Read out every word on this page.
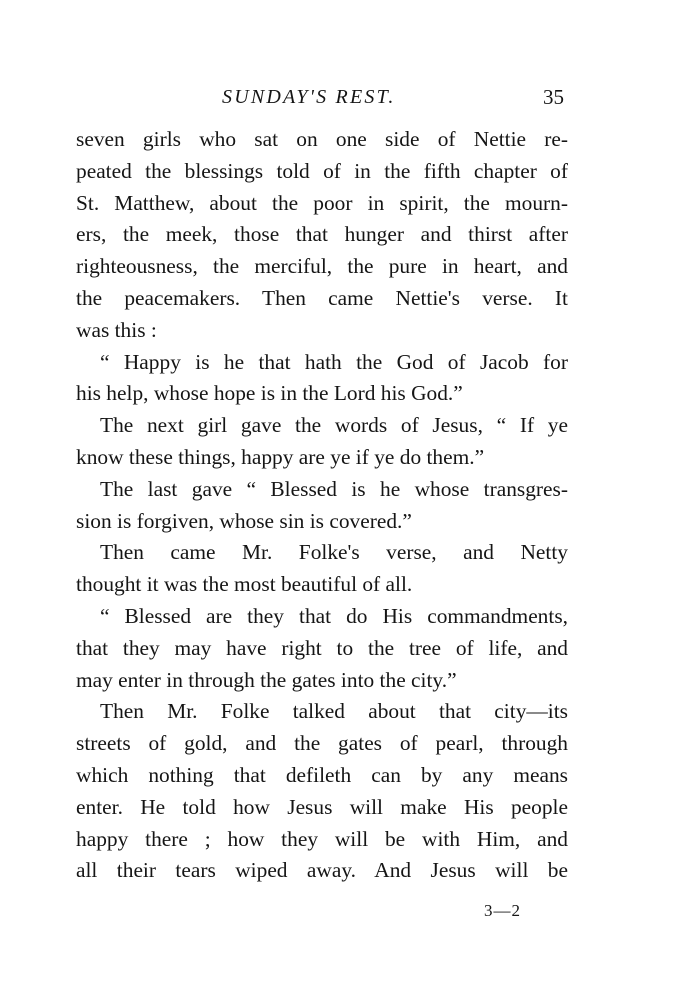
SUNDAY'S REST.	35
seven girls who sat on one side of Nettie re-
peated the blessings told of in the fifth chapter of
St. Matthew, about the poor in spirit, the mourn-
ers, the meek, those that hunger and thirst after
righteousness, the merciful, the pure in heart, and
the peacemakers. Then came Nettie's verse. It
was this :
“ Happy is he that hath the God of Jacob for
his help, whose hope is in the Lord his God.”
The next girl gave the words of Jesus, “ If ye
know these things, happy are ye if ye do them.”
The last gave “ Blessed is he whose transgres-
sion is forgiven, whose sin is covered.”
Then came Mr. Folke's verse, and Netty
thought it was the most beautiful of all.
“ Blessed are they that do His commandments,
that they may have right to the tree of life, and
may enter in through the gates into the city.”
Then Mr. Folke talked about that city—its
streets of gold, and the gates of pearl, through
which nothing that defileth can by any means
enter. He told how Jesus will make His people
happy there ; how they will be with Him, and
all their tears wiped away. And Jesus will be
3—2
